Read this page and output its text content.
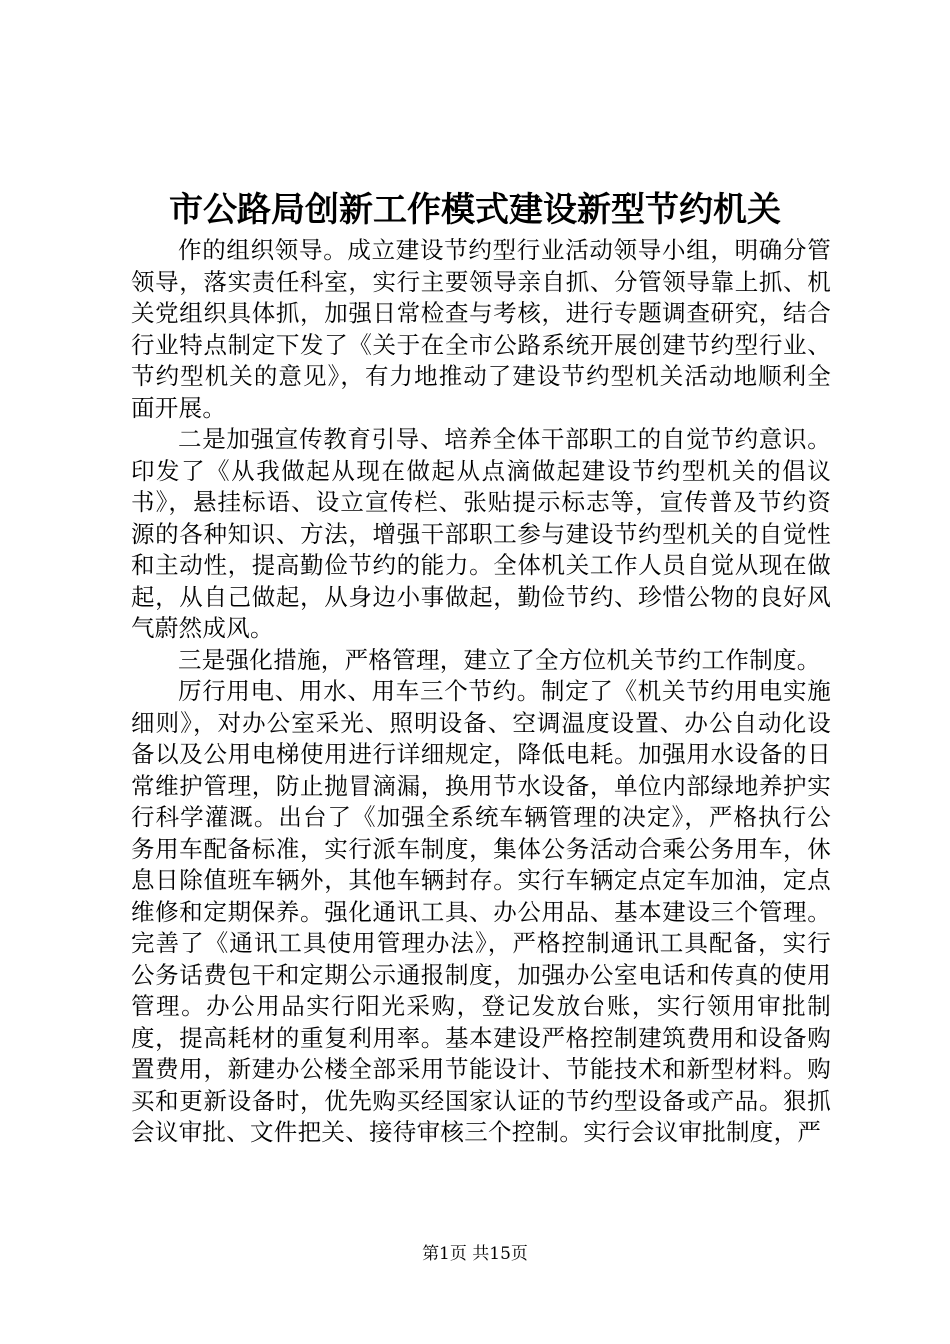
市公路局创新工作模式建设新型节约机关

作的组织领导。成立建设节约型行业活动领导小组，明确分管领导，落实责任科室，实行主要领导亲自抓、分管领导靠上抓、机关党组织具体抓，加强日常检查与考核，进行专题调查研究，结合行业特点制定下发了《关于在全市公路系统开展创建节约型行业、节约型机关的意见》，有力地推动了建设节约型机关活动地顺利全面开展。

二是加强宣传教育引导、培养全体干部职工的自觉节约意识。印发了《从我做起从现在做起从点滴做起建设节约型机关的倡议书》，悬挂标语、设立宣传栏、张贴提示标志等，宣传普及节约资源的各种知识、方法，增强干部职工参与建设节约型机关的自觉性和主动性，提高勤俭节约的能力。全体机关工作人员自觉从现在做起，从自己做起，从身边小事做起，勤俭节约、珍惜公物的良好风气蔚然成风。

三是强化措施，严格管理，建立了全方位机关节约工作制度。

厉行用电、用水、用车三个节约。制定了《机关节约用电实施细则》，对办公室采光、照明设备、空调温度设置、办公自动化设备以及公用电梯使用进行详细规定，降低电耗。加强用水设备的日常维护管理，防止抛冒滴漏，换用节水设备，单位内部绿地养护实行科学灌溉。出台了《加强全系统车辆管理的决定》，严格执行公务用车配备标准，实行派车制度，集体公务活动合乘公务用车，休息日除值班车辆外，其他车辆封存。实行车辆定点定车加油，定点维修和定期保养。强化通讯工具、办公用品、基本建设三个管理。完善了《通讯工具使用管理办法》，严格控制通讯工具配备，实行公务话费包干和定期公示通报制度，加强办公室电话和传真的使用管理。办公用品实行阳光采购，登记发放台账，实行领用审批制度，提高耗材的重复利用率。基本建设严格控制建筑费用和设备购置费用，新建办公楼全部采用节能设计、节能技术和新型材料。购买和更新设备时，优先购买经国家认证的节约型设备或产品。狠抓会议审批、文件把关、接待审核三个控制。实行会议审批制度，严

第1页 共15页
